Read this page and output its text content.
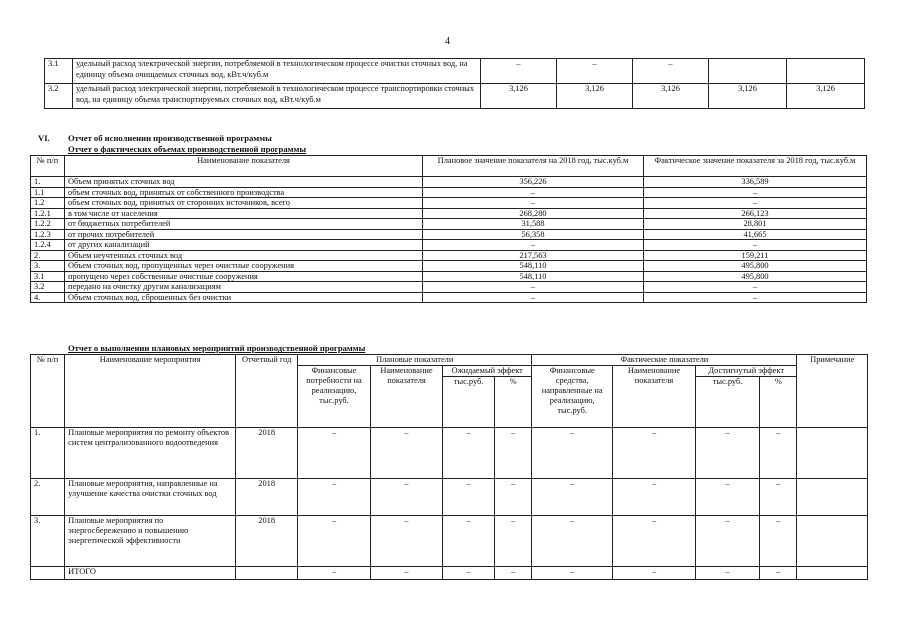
4
3.1	удельный расход электрической энергии, потребляемой в технологическом процессе очистки сточных вод, на единицу объема очищаемых сточных вод, кВт.ч/куб.м	–	–	–		
3.2	удельный расход электрической энергии, потребляемой в технологическом процессе транспортировки сточных вод, на единицу объема транспортируемых сточных вод, кВт.ч/куб.м	3,126	3,126	3,126	3,126	3,126
VI. Отчет об исполнении производственной программы
Отчет о фактических объемах производственной программы
№ п/п	Наименование показателя	Плановое значение показателя на 2018 год, тыс.куб.м	Фактическое значение показателя за 2018 год, тыс.куб.м
1.	Объем принятых сточных вод	356,226	336,589
1.1	объем сточных вод, принятых от собственного производства	–	–
1.2	объем сточных вод, принятых от сторонних источников, всего	–	–
1.2.1	в том числе от населения	268,280	266,123
1.2.2	от бюджетных потребителей	31,588	28,801
1.2.3	от прочих потребителей	56,358	41,665
1.2.4	от других канализаций	–	–
2.	Объем неучтенных сточных вод	217,563	159,211
3.	Объем сточных вод, пропущенных через очистные сооружения	548,110	495,800
3.1	пропущено через собственные очистные сооружения	548,110	495,800
3.2	передано на очистку другим канализациям	–	–
4.	Объем сточных вод, сброшенных без очистки	–	–
Отчет о выполнении плановых мероприятий производственной программы
№ п/п	Наименование мероприятия	Отчетный год	Плановые показатели				Фактические показатели				Примечание
			Финансовые потребности на реализацию, тыс.руб.	Наименование показателя	Ожидаемый эффект		Финансовые средства, направленные на реализацию, тыс.руб.	Наименование показателя	Достигнутый эффект		
					тыс.руб.	%			тыс.руб.	%	
1.	Плановые мероприятия по ремонту объектов систем централизованного водоотведения	2018	–	–	–	–	–	–	–	–	
2.	Плановые мероприятия, направленные на улучшение качества очистки сточных вод	2018	–	–	–	–	–	–	–	–	
3.	Плановые мероприятия по энергосбережению и повышению энергетической эффективности	2018	–	–	–	–	–	–	–	–	
	ИТОГО		–	–	–	–	–	–	–	–	
